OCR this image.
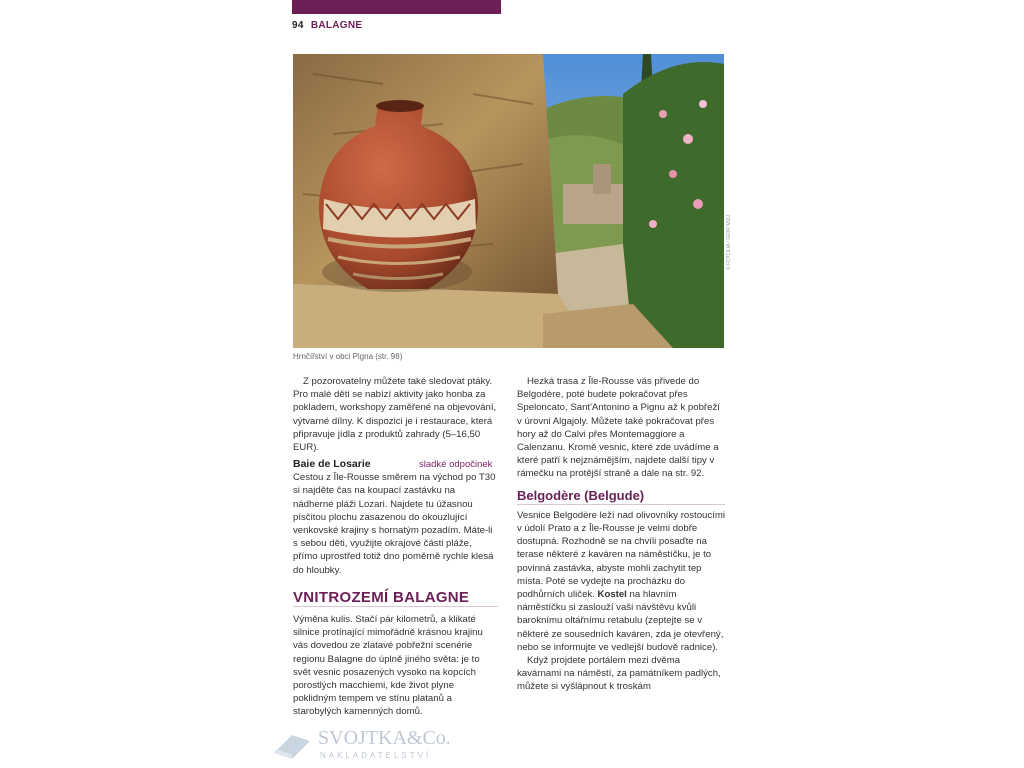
94 BALAGNE
© FOTOLIA / IGOR MOJ
Hrnčířství v obci Pigna (str. 98)

Z pozorovatelny můžete také sledovat ptáky. Pro malé děti se nabízí aktivity jako honba za pokladem, workshopy zaměřené na objevování, výtvarné dílny. K dispozici je i restaurace, která připravuje jídla z produktů zahrady (5–16,50 EUR).

Baie de Losarie	sladké odpočinek

Cestou z Île-Rousse směrem na východ po T30 si najděte čas na koupací zastávku na nádherné pláži Lozari. Najdete tu úžasnou písčitou plochu zasazenou do okouzlující venkovské krajiny s hornatým pozadím. Máte-li s sebou děti, využijte okrajové části pláže, přímo uprostřed totiž dno poměrně rychle klesá do hloubky.

VNITROZEMÍ BALAGNE

Výměna kulis. Stačí pár kilometrů, a klikaté silnice protínající mimořádně krásnou krajinu vás dovedou ze zlatavé pobřežní scenérie regionu Balagne do úplně jiného světa: je to svět vesnic posazených vysoko na kopcích porostlých macchiemi, kde život plyne poklidným tempem ve stínu platanů a starobylých kamenných domů.

Hezká trasa z Île-Rousse vás přivede do Belgodère, poté budete pokračovat přes Speloncato, Sant'Antonino a Pignu až k pobřeží v úrovni Algajoly. Můžete také pokračovat přes hory až do Calvi přes Montemaggiore a Calenzanu. Kromě vesnic, které zde uvádíme a které patří k nejznámějším, najdete další tipy v rámečku na protější straně a dále na str. 92.

Belgodère (Belgude)

Vesnice Belgodère leží nad olivovníky rostoucími v údolí Prato a z Île-Rousse je velmi dobře dostupná. Rozhodně se na chvíli posaďte na terase některé z kaváren na náměstíčku, je to povinná zastávka, abyste mohli zachytit tep místa. Poté se vydejte na procházku do podhůrních uliček. Kostel na hlavním náměstíčku si zaslouží vaši návštěvu kvůli baroknímu oltářnímu retabulu (zeptejte se v některé ze sousedních kaváren, zda je otevřený, nebo se informujte ve vedlejší budově radnice).

Když projdete portálem mezi dvěma kavárnami na náměstí, za památníkem padlých, můžete si vyšlápnout k troskám

SVOJTKA&Co.
NAKLADATELSTVÍ
